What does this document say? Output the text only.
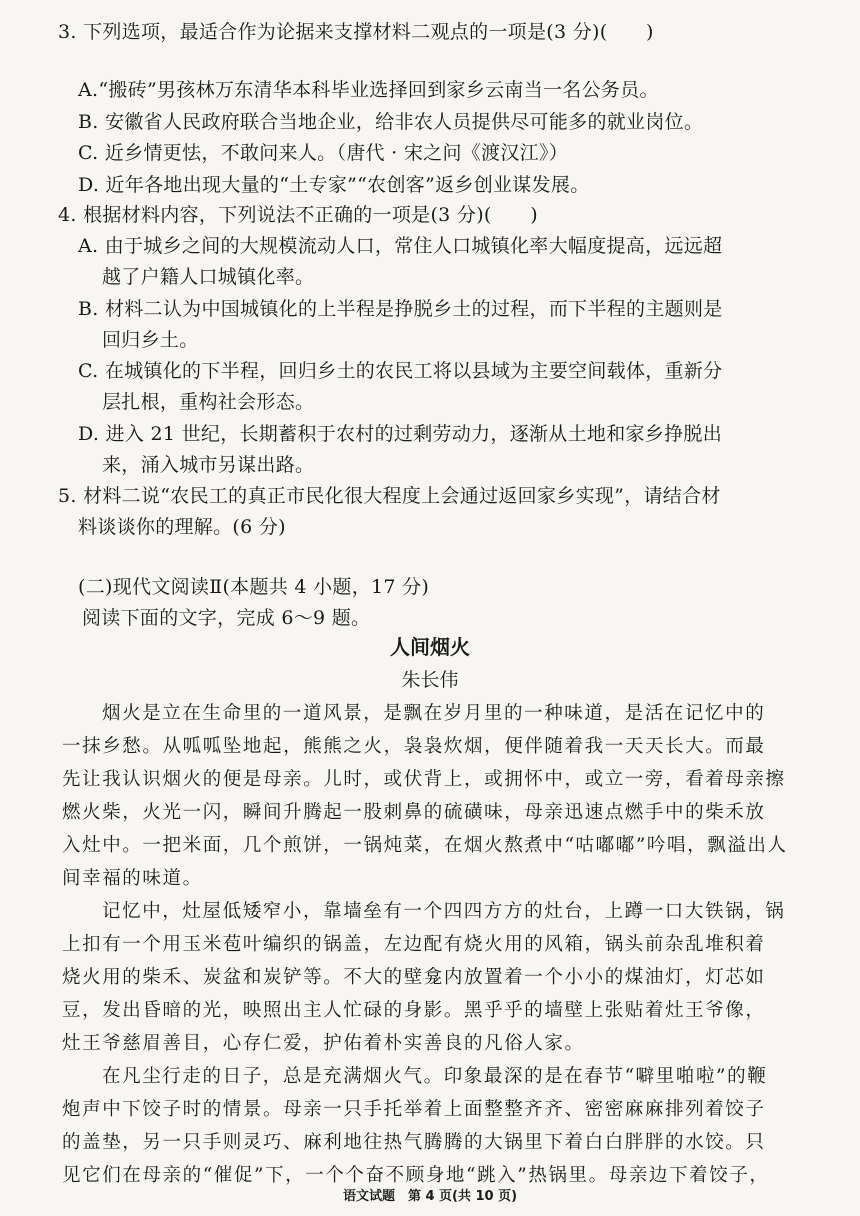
3. 下列选项，最适合作为论据来支撑材料二观点的一项是(3 分)(　　)
A.“搬砖”男孩林万东清华本科毕业选择回到家乡云南当一名公务员。
B. 安徽省人民政府联合当地企业，给非农人员提供尽可能多的就业岗位。
C. 近乡情更怯，不敢问来人。（唐代 · 宋之问《渡汉江》）
D. 近年各地出现大量的“土专家”“农创客”返乡创业谋发展。
4. 根据材料内容，下列说法不正确的一项是(3 分)(　　)
A. 由于城乡之间的大规模流动人口，常住人口城镇化率大幅度提高，远远超
越了户籍人口城镇化率。
B. 材料二认为中国城镇化的上半程是挣脱乡土的过程，而下半程的主题则是
回归乡土。
C. 在城镇化的下半程，回归乡土的农民工将以县域为主要空间载体，重新分
层扎根，重构社会形态。
D. 进入 21 世纪，长期蓄积于农村的过剩劳动力，逐渐从土地和家乡挣脱出
来，涌入城市另谋出路。
5. 材料二说“农民工的真正市民化很大程度上会通过返回家乡实现”，请结合材
料谈谈你的理解。(6 分)
(二)现代文阅读Ⅱ(本题共 4 小题，17 分)
阅读下面的文字，完成 6～9 题。
人间烟火
朱长伟
烟火是立在生命里的一道风景，是飘在岁月里的一种味道，是活在记忆中的
一抹乡愁。从呱呱坠地起，熊熊之火，袅袅炊烟，便伴随着我一天天长大。而最
先让我认识烟火的便是母亲。儿时，或伏背上，或拥怀中，或立一旁，看着母亲擦
燃火柴，火光一闪，瞬间升腾起一股刺鼻的硫磺味，母亲迅速点燃手中的柴禾放
入灶中。一把米面，几个煎饼，一锅炖菜，在烟火熬煮中“咕嘟嘟”吟唱，飘溢出人
间幸福的味道。
记忆中，灶屋低矮窄小，靠墙垒有一个四四方方的灶台，上蹲一口大铁锅，锅
上扣有一个用玉米苞叶编织的锅盖，左边配有烧火用的风箱，锅头前杂乱堆积着
烧火用的柴禾、炭盆和炭铲等。不大的壁龛内放置着一个小小的煤油灯，灯芯如
豆，发出昏暗的光，映照出主人忙碌的身影。黑乎乎的墙壁上张贴着灶王爷像，
灶王爷慈眉善目，心存仁爱，护佑着朴实善良的凡俗人家。
在凡尘行走的日子，总是充满烟火气。印象最深的是在春节“噼里啪啦”的鞭
炮声中下饺子时的情景。母亲一只手托举着上面整整齐齐、密密麻麻排列着饺子
的盖垫，另一只手则灵巧、麻利地往热气腾腾的大锅里下着白白胖胖的水饺。只
见它们在母亲的“催促”下，一个个奋不顾身地“跳入”热锅里。母亲边下着饺子，
语文试题　第 4 页(共 10 页)
